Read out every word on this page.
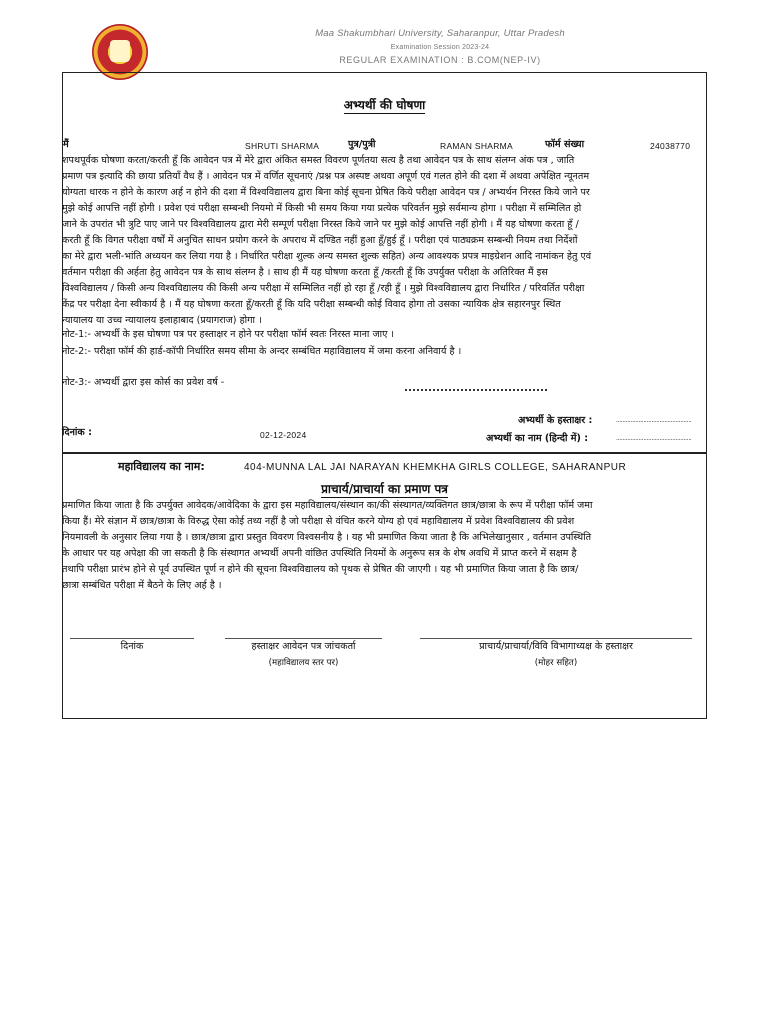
Maa Shakumbhari University, Saharanpur, Uttar Pradesh
Examination Session 2023-24
REGULAR EXAMINATION : B.COM(NEP-IV)
अभ्यर्थी की घोषणा
मैं	SHRUTI SHARMA	पुत्र/पुत्री	RAMAN SHARMA	फॉर्म संख्या	24038770
शपथपूर्वक घोषणा करता/करती हूँ कि आवेदन पत्र में मेरे द्वारा अंकित समस्त विवरण पूर्णतया सत्य है तथा आवेदन पत्र के साथ संलग्न अंक पत्र , जाति
प्रमाण पत्र इत्यादि की छाया प्रतियाँ वैध हैं । आवेदन पत्र में वर्णित सूचनाएं /प्रश्न पत्र अस्पष्ट अथवा अपूर्ण एवं गलत होने की दशा में अथवा अपेक्षित न्यूनतम
योग्यता धारक न होने के कारण अर्ह न होने की दशा में विश्वविद्यालय द्वारा बिना कोई सूचना प्रेषित किये परीक्षा आवेदन पत्र / अभ्यर्थन निरस्त किये जाने पर
मुझे कोई आपत्ति नहीं होगी । प्रवेश एवं परीक्षा सम्बन्धी नियमो में किसी भी समय किया गया प्रत्येक परिवर्तन मुझे सर्वमान्य होगा । परीक्षा में सम्मिलित हो
जाने के उपरांत भी त्रुटि पाए जाने पर विश्वविद्यालय द्वारा मेरी सम्पूर्ण परीक्षा निरस्त किये जाने पर मुझे कोई आपत्ति नहीं होगी । मैं यह घोषणा करता हूँ /
करती हूँ कि विगत परीक्षा वर्षों में अनुचित साधन प्रयोग करने के अपराध में दण्डित नहीं हुआ हूँ/हुई हूँ । परीक्षा एवं पाठ्यक्रम सम्बन्धी नियम तथा निर्देशों
का मेरे द्वारा भली-भांति अध्ययन कर लिया गया है । निर्धारित परीक्षा शुल्क अन्य समस्त शुल्क सहित) अन्य आवश्यक प्रपत्र माइग्रेशन आदि नामांकन हेतु एवं
वर्तमान परीक्षा की अर्हता हेतु आवेदन पत्र के साथ संलग्न है । साथ ही मैं यह घोषणा करता हूँ /करती हूँ कि उपर्युक्त परीक्षा के अतिरिक्त मैं इस
विश्वविद्यालय / किसी अन्य विश्वविद्यालय की किसी अन्य परीक्षा में सम्मिलित नहीं हो रहा हूँ /रही हूँ । मुझे विश्वविद्यालय द्वारा निर्धारित / परिवर्तित परीक्षा
केंद्र पर परीक्षा देना स्वीकार्य है । मैं यह घोषणा करता हूँ/करती हूँ कि यदि परीक्षा सम्बन्धी कोई विवाद होगा तो उसका न्यायिक क्षेत्र सहारनपुर स्थित
न्यायालय या उच्च न्यायालय इलाहाबाद (प्रयागराज) होगा ।
नोट-1:- अभ्यर्थी के इस घोषणा पत्र पर हस्ताक्षर न होने पर परीक्षा फॉर्म स्वतः निरस्त माना जाए ।
नोट-2:- परीक्षा फॉर्म की हार्ड-कॉपी निर्धारित समय सीमा के अन्दर सम्बंधित महाविद्यालय में जमा करना अनिवार्य है ।
नोट-3:- अभ्यर्थी द्वारा इस कोर्स का प्रवेश वर्ष -
अभ्यर्थी के हस्ताक्षर :	...............................................
दिनांक :	02-12-2024	अभ्यर्थी का नाम (हिन्दी में) :	...............................................
महाविद्यालय का नाम:	404-MUNNA LAL JAI NARAYAN KHEMKHA GIRLS COLLEGE, SAHARANPUR
प्राचार्य/प्राचार्या का प्रमाण पत्र
प्रमाणित किया जाता है कि उपर्युक्त आवेदक/आवेदिका के द्वारा इस महाविद्यालय/संस्थान का/की संस्थागत/व्यक्तिगत छात्र/छात्रा के रूप में परीक्षा फॉर्म जमा
किया हैं। मेरे संज्ञान में छात्र/छात्रा के विरुद्ध ऐसा कोई तथ्य नहीं है जो परीक्षा से वंचित करने योग्य हो एवं महाविद्यालय में प्रवेश विश्वविद्यालय की प्रवेश
नियमावली के अनुसार लिया गया है । छात्र/छात्रा द्वारा प्रस्तुत विवरण विश्वसनीय है । यह भी प्रमाणित किया जाता है कि अभिलेखानुसार , वर्तमान उपस्थिति
के आधार पर यह अपेक्षा की जा सकती है कि संस्थागत अभ्यर्थी अपनी वांछित उपस्थिति नियमों के अनुरूप सत्र के शेष अवधि में प्राप्त करने में सक्षम है
तथापि परीक्षा प्रारंभ होने से पूर्व उपस्थित पूर्ण न होने की सूचना विश्वविद्यालय को पृथक से प्रेषित की जाएगी । यह भी प्रमाणित किया जाता है कि छात्र/
छात्रा सम्बंधित परीक्षा में बैठने के लिए अर्ह है ।
दिनांक	हस्ताक्षर आवेदन पत्र जांचकर्ता
(महाविद्यालय स्तर पर)
प्राचार्य/प्राचार्या/विवि विभागाध्यक्ष के हस्ताक्षर
(मोहर सहित)
